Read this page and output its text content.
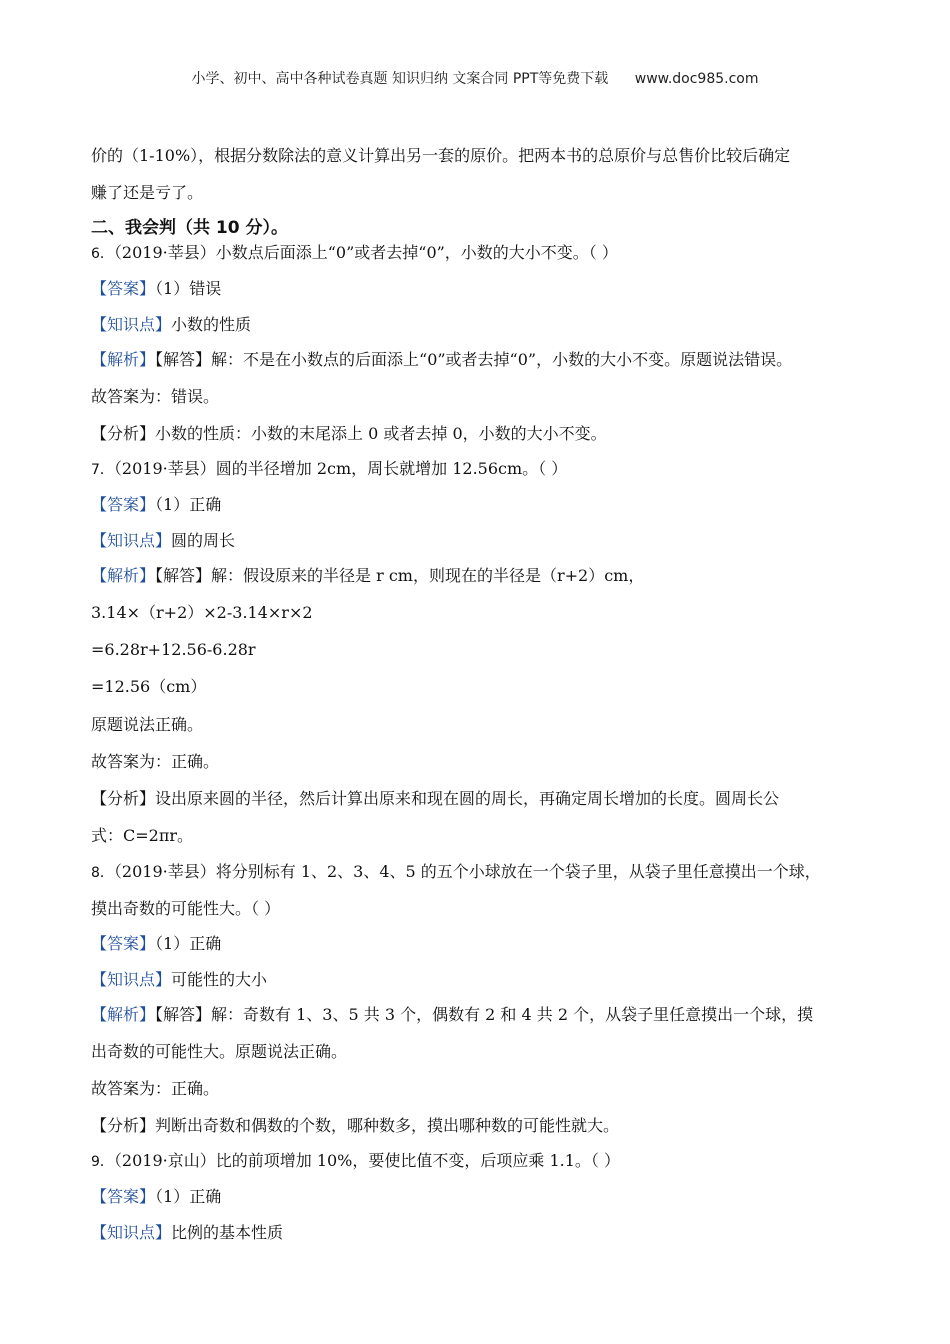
小学、初中、高中各种试卷真题 知识归纳 文案合同 PPT等免费下载 www.doc985.com
价的（1-10%），根据分数除法的意义计算出另一套的原价。把两本书的总原价与总售价比较后确定
赚了还是亏了。
二、我会判（共 10 分）。
6．（2019·莘县）小数点后面添上“0”或者去掉“0”，小数的大小不变。（ ）
【答案】（1）错误
【知识点】小数的性质
【解析】【解答】解：不是在小数点的后面添上“0”或者去掉“0”，小数的大小不变。原题说法错误。
故答案为：错误。
【分析】小数的性质：小数的末尾添上 0 或者去掉 0，小数的大小不变。
7．（2019·莘县）圆的半径增加 2cm，周长就增加 12.56cm。（ ）
【答案】（1）正确
【知识点】圆的周长
【解析】【解答】解：假设原来的半径是 r cm，则现在的半径是（r+2）cm，
3.14×（r+2）×2-3.14×r×2
=6.28r+12.56-6.28r
=12.56（cm）
原题说法正确。
故答案为：正确。
【分析】设出原来圆的半径，然后计算出原来和现在圆的周长，再确定周长增加的长度。圆周长公
式：C=2πr。
8．（2019·莘县）将分别标有 1、2、3、4、5 的五个小球放在一个袋子里，从袋子里任意摸出一个球，
摸出奇数的可能性大。（ ）
【答案】（1）正确
【知识点】可能性的大小
【解析】【解答】解：奇数有 1、3、5 共 3 个，偶数有 2 和 4 共 2 个，从袋子里任意摸出一个球，摸
出奇数的可能性大。原题说法正确。
故答案为：正确。
【分析】判断出奇数和偶数的个数，哪种数多，摸出哪种数的可能性就大。
9．（2019·京山）比的前项增加 10%，要使比值不变，后项应乘 1.1。（ ）
【答案】（1）正确
【知识点】比例的基本性质
